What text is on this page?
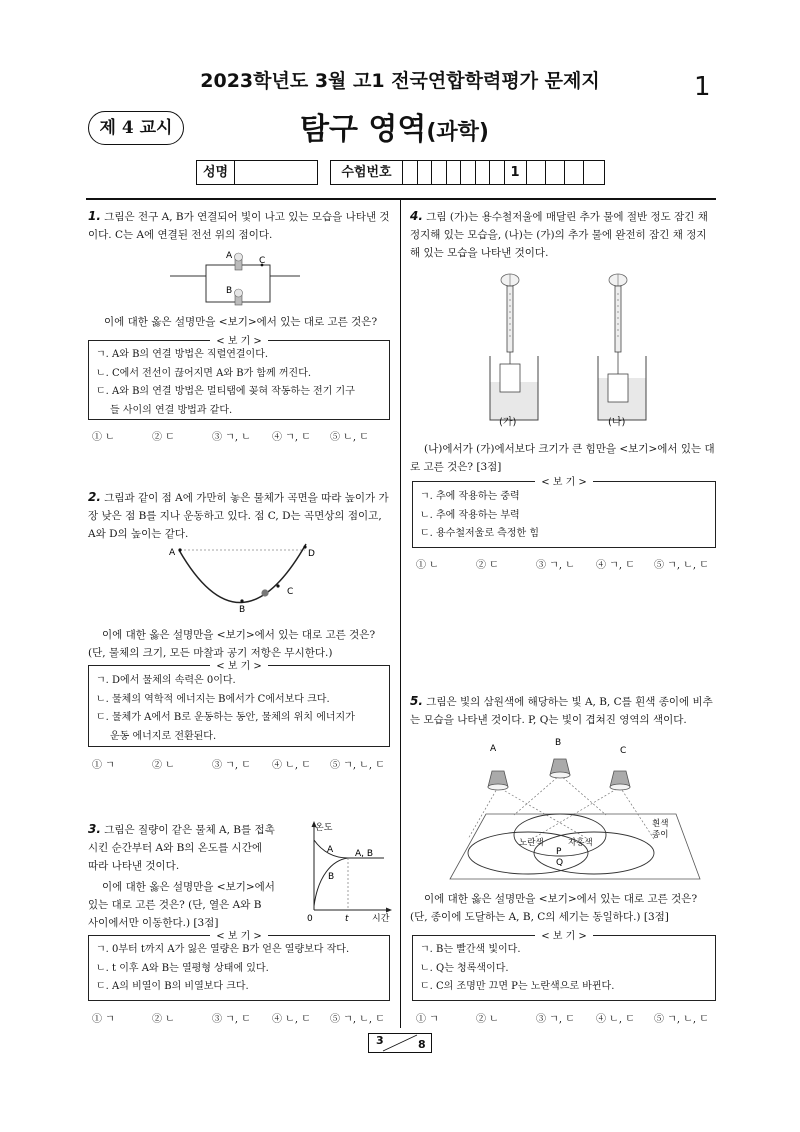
2023학년도 3월 고1 전국연합학력평가 문제지	1
제 4 교시	탐구 영역(과학)
성명	수험번호	1
1. 그림은 전구 A, B가 연결되어 빛이 나고 있는 모습을 나타낸 것이다. C는 A에 연결된 전선 위의 점이다.
A	C
B
이에 대한 옳은 설명만을 <보기>에서 있는 대로 고른 것은?
< 보 기 >
ㄱ. A와 B의 연결 방법은 직렬연결이다.
ㄴ. C에서 전선이 끊어지면 A와 B가 함께 꺼진다.
ㄷ. A와 B의 연결 방법은 멀티탭에 꽂혀 작동하는 전기 기구
들 사이의 연결 방법과 같다.
① ㄴ	② ㄷ	③ ㄱ, ㄴ	④ ㄱ, ㄷ	⑤ ㄴ, ㄷ
2. 그림과 같이 점 A에 가만히 놓은 물체가 곡면을 따라 높이가 가장 낮은 점 B를 지나 운동하고 있다. 점 C, D는 곡면상의 점이고, A와 D의 높이는 같다.
A	D
C
B
이에 대한 옳은 설명만을 <보기>에서 있는 대로 고른 것은?
(단, 물체의 크기, 모든 마찰과 공기 저항은 무시한다.)
< 보 기 >
ㄱ. D에서 물체의 속력은 0이다.
ㄴ. 물체의 역학적 에너지는 B에서가 C에서보다 크다.
ㄷ. 물체가 A에서 B로 운동하는 동안, 물체의 위치 에너지가
운동 에너지로 전환된다.
① ㄱ	② ㄴ	③ ㄱ, ㄷ	④ ㄴ, ㄷ	⑤ ㄱ, ㄴ, ㄷ
3. 그림은 질량이 같은 물체 A, B를 접촉
시킨 순간부터 A와 B의 온도를 시간에
따라 나타낸 것이다.
이에 대한 옳은 설명만을 <보기>에서
있는 대로 고른 것은? (단, 열은 A와 B
사이에서만 이동한다.) [3점]
온도
A A, B
B
0	t	시간
< 보 기 >
ㄱ. 0부터 t까지 A가 잃은 열량은 B가 얻은 열량보다 작다.
ㄴ. t 이후 A와 B는 열평형 상태에 있다.
ㄷ. A의 비열이 B의 비열보다 크다.
① ㄱ	② ㄴ	③ ㄱ, ㄷ	④ ㄴ, ㄷ	⑤ ㄱ, ㄴ, ㄷ
4. 그림 (가)는 용수철저울에 매달린 추가 물에 절반 정도 잠긴 채 정지해 있는 모습을, (나)는 (가)의 추가 물에 완전히 잠긴 채 정지해 있는 모습을 나타낸 것이다.
(가)	(나)
(나)에서가 (가)에서보다 크기가 큰 힘만을 <보기>에서 있는 대로 고른 것은? [3점]
< 보 기 >
ㄱ. 추에 작용하는 중력
ㄴ. 추에 작용하는 부력
ㄷ. 용수철저울로 측정한 힘
① ㄴ	② ㄷ	③ ㄱ, ㄴ	④ ㄱ, ㄷ	⑤ ㄱ, ㄴ, ㄷ
5. 그림은 빛의 삼원색에 해당하는 빛 A, B, C를 흰색 종이에 비추는 모습을 나타낸 것이다. P, Q는 빛이 겹쳐진 영역의 색이다.
A
B
C
노란색	자홍색
P
Q
흰색
종이
이에 대한 옳은 설명만을 <보기>에서 있는 대로 고른 것은?
(단, 종이에 도달하는 A, B, C의 세기는 동일하다.) [3점]
< 보 기 >
ㄱ. B는 빨간색 빛이다.
ㄴ. Q는 청록색이다.
ㄷ. C의 조명만 끄면 P는 노란색으로 바뀐다.
① ㄱ	② ㄴ	③ ㄱ, ㄷ	④ ㄴ, ㄷ	⑤ ㄱ, ㄴ, ㄷ
3	8
